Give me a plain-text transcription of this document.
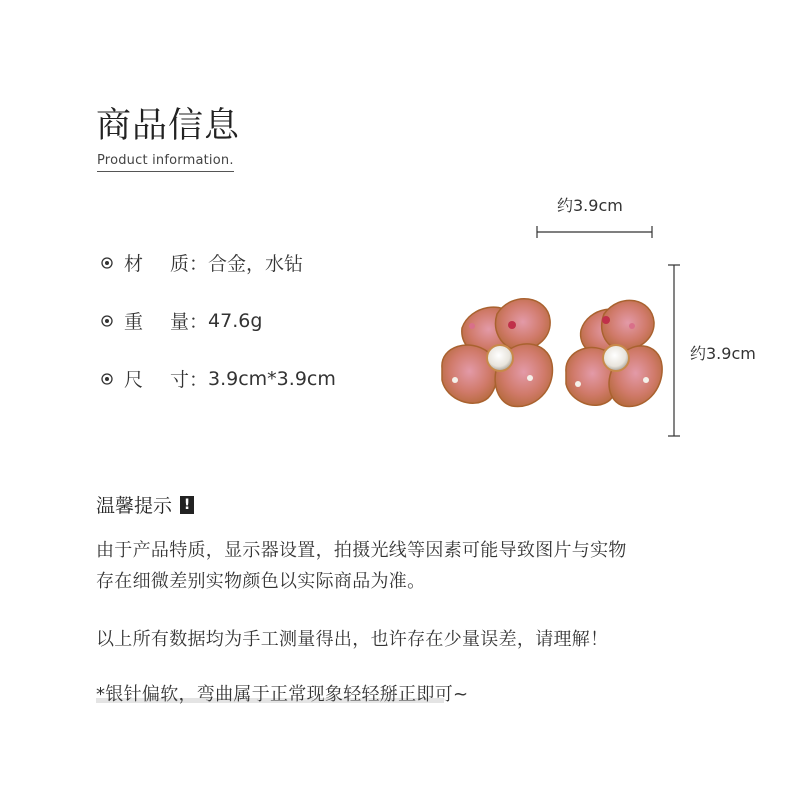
商品信息
Product information.
材	质： 合金，水钻
重	量： 47.6g
尺	寸： 3.9cm*3.9cm
约3.9cm
约3.9cm
温馨提示 !
由于产品特质，显示器设置，拍摄光线等因素可能导致图片与实物
存在细微差别实物颜色以实际商品为准。
以上所有数据均为手工测量得出，也许存在少量误差，请理解！
*银针偏软，弯曲属于正常现象轻轻掰正即可~
